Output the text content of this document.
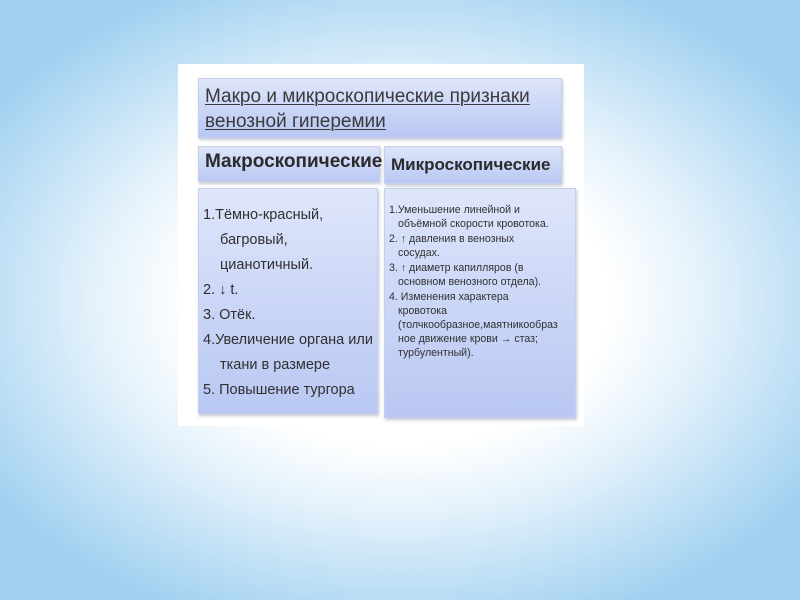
Макро и микроскопические признаки
венозной гиперемии
Макроскопические Микроскопические
1.Тёмно-красный,
багровый,
цианотичный.
2. ↓ t.
3. Отёк.
4.Увеличение органа или
ткани в размере
5. Повышение тургора
1.Уменьшение линейной и
объёмной скорости кровотока.
2. ↑ давления в венозных
сосудах.
3. ↑ диаметр капилляров (в
основном венозного отдела).
4. Изменения характера
кровотока
(толчкообразное,маятникообраз
ное движение крови → стаз;
турбулентный).
